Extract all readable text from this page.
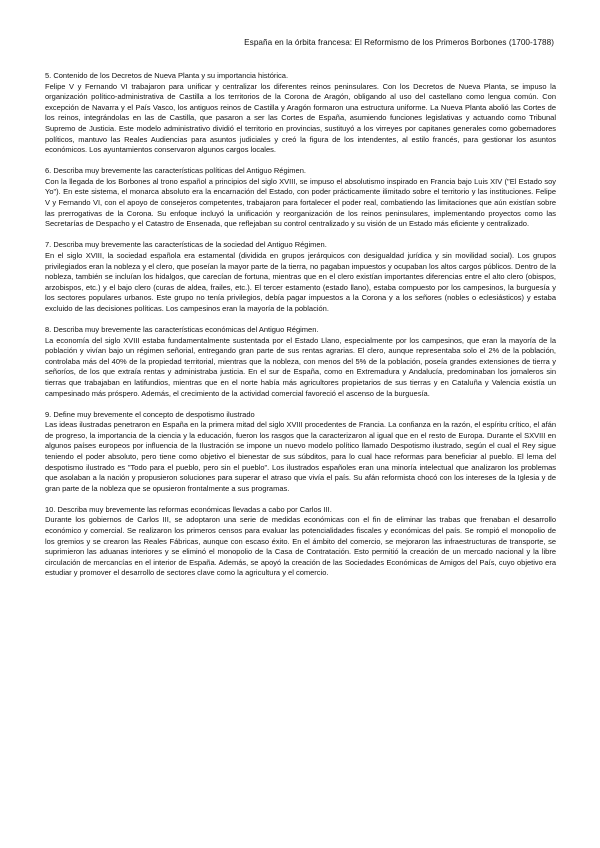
España en la órbita francesa: El Reformismo de los Primeros Borbones (1700-1788)

5. Contenido de los Decretos de Nueva Planta y su importancia histórica.

Felipe V y Fernando VI trabajaron para unificar y centralizar los diferentes reinos peninsulares. Con los Decretos de Nueva Planta, se impuso la organización político-administrativa de Castilla a los territorios de la Corona de Aragón, obligando al uso del castellano como lengua común. Con excepción de Navarra y el País Vasco, los antiguos reinos de Castilla y Aragón formaron una estructura uniforme. La Nueva Planta abolió las Cortes de los reinos, integrándolas en las de Castilla, que pasaron a ser las Cortes de España, asumiendo funciones legislativas y actuando como Tribunal Supremo de Justicia. Este modelo administrativo dividió el territorio en provincias, sustituyó a los virreyes por capitanes generales como gobernadores políticos, mantuvo las Reales Audiencias para asuntos judiciales y creó la figura de los intendentes, al estilo francés, para gestionar los asuntos económicos. Los ayuntamientos conservaron algunos cargos locales.

6. Describa muy brevemente las características políticas del Antiguo Régimen.

Con la llegada de los Borbones al trono español a principios del siglo XVIII, se impuso el absolutismo inspirado en Francia bajo Luis XIV ("El Estado soy Yo"). En este sistema, el monarca absoluto era la encarnación del Estado, con poder prácticamente ilimitado sobre el territorio y las instituciones. Felipe V y Fernando VI, con el apoyo de consejeros competentes, trabajaron para fortalecer el poder real, combatiendo las limitaciones que aún existían sobre las prerrogativas de la Corona. Su enfoque incluyó la unificación y reorganización de los reinos peninsulares, implementando proyectos como las Secretarías de Despacho y el Catastro de Ensenada, que reflejaban su control centralizado y su visión de un Estado más eficiente y centralizado.

7. Describa muy brevemente las características de la sociedad del Antiguo Régimen.

En el siglo XVIII, la sociedad española era estamental (dividida en grupos jerárquicos con desigualdad jurídica y sin movilidad social). Los grupos privilegiados eran la nobleza y el clero, que poseían la mayor parte de la tierra, no pagaban impuestos y ocupaban los altos cargos públicos. Dentro de la nobleza, también se incluían los hidalgos, que carecían de fortuna, mientras que en el clero existían importantes diferencias entre el alto clero (obispos, arzobispos, etc.) y el bajo clero (curas de aldea, frailes, etc.). El tercer estamento (estado llano), estaba compuesto por los campesinos, la burguesía y los sectores populares urbanos. Este grupo no tenía privilegios, debía pagar impuestos a la Corona y a los señores (nobles o eclesiásticos) y estaba excluido de las decisiones políticas. Los campesinos eran la mayoría de la población.

8. Describa muy brevemente las características económicas del Antiguo Régimen.

La economía del siglo XVIII estaba fundamentalmente sustentada por el Estado Llano, especialmente por los campesinos, que eran la mayoría de la población y vivían bajo un régimen señorial, entregando gran parte de sus rentas agrarias. El clero, aunque representaba solo el 2% de la población, controlaba más del 40% de la propiedad territorial, mientras que la nobleza, con menos del 5% de la población, poseía grandes extensiones de tierra y señoríos, de los que extraía rentas y administraba justicia. En el sur de España, como en Extremadura y Andalucía, predominaban los jornaleros sin tierras que trabajaban en latifundios, mientras que en el norte había más agricultores propietarios de sus tierras y en Cataluña y Valencia existía un campesinado más próspero. Además, el crecimiento de la actividad comercial favoreció el ascenso de la burguesía.

9. Define muy brevemente el concepto de despotismo ilustrado

Las ideas ilustradas penetraron en España en la primera mitad del siglo XVIII procedentes de Francia. La confianza en la razón, el espíritu crítico, el afán de progreso, la importancia de la ciencia y la educación, fueron los rasgos que la caracterizaron al igual que en el resto de Europa. Durante el SXVIII en algunos países europeos por influencia de la Ilustración se impone un nuevo modelo político llamado Despotismo ilustrado, según el cual el Rey sigue teniendo el poder absoluto, pero tiene como objetivo el bienestar de sus súbditos, para lo cual hace reformas para beneficiar al pueblo. El lema del despotismo ilustrado es "Todo para el pueblo, pero sin el pueblo". Los ilustrados españoles eran una minoría intelectual que analizaron los problemas que asolaban a la nación y propusieron soluciones para superar el atraso que vivía el país. Su afán reformista chocó con los intereses de la Iglesia y de gran parte de la nobleza que se opusieron frontalmente a sus programas.

10. Describa muy brevemente las reformas económicas llevadas a cabo por Carlos III.

Durante los gobiernos de Carlos III, se adoptaron una serie de medidas económicas con el fin de eliminar las trabas que frenaban el desarrollo económico y comercial. Se realizaron los primeros censos para evaluar las potencialidades fiscales y económicas del país. Se rompió el monopolio de los gremios y se crearon las Reales Fábricas, aunque con escaso éxito. En el ámbito del comercio, se mejoraron las infraestructuras de transporte, se suprimieron las aduanas interiores y se eliminó el monopolio de la Casa de Contratación. Esto permitió la creación de un mercado nacional y la libre circulación de mercancías en el interior de España. Además, se apoyó la creación de las Sociedades Económicas de Amigos del País, cuyo objetivo era estudiar y promover el desarrollo de sectores clave como la agricultura y el comercio.
